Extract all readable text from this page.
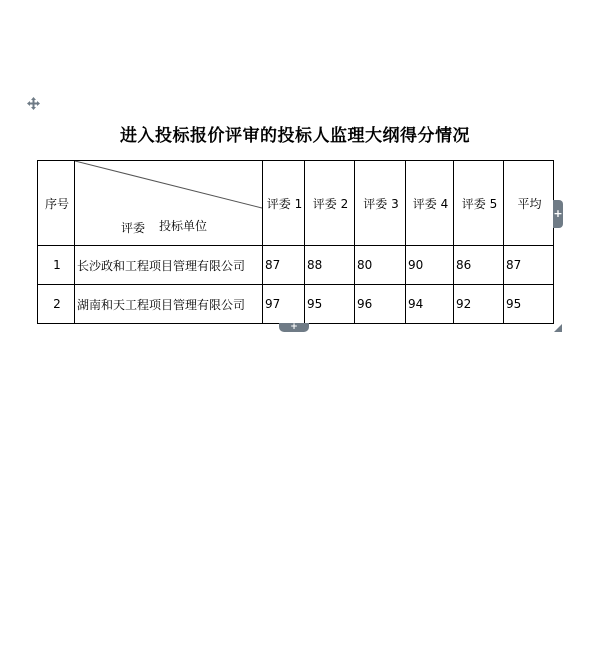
进入投标报价评审的投标人监理大纲得分情况
序号	评委 投标单位	评委 1	评委 2	评委 3	评委 4	评委 5	平均
1	长沙政和工程项目管理有限公司	87	88	80	90	86	87
2	湖南和天工程项目管理有限公司	97	95	96	94	92	95
+
+
